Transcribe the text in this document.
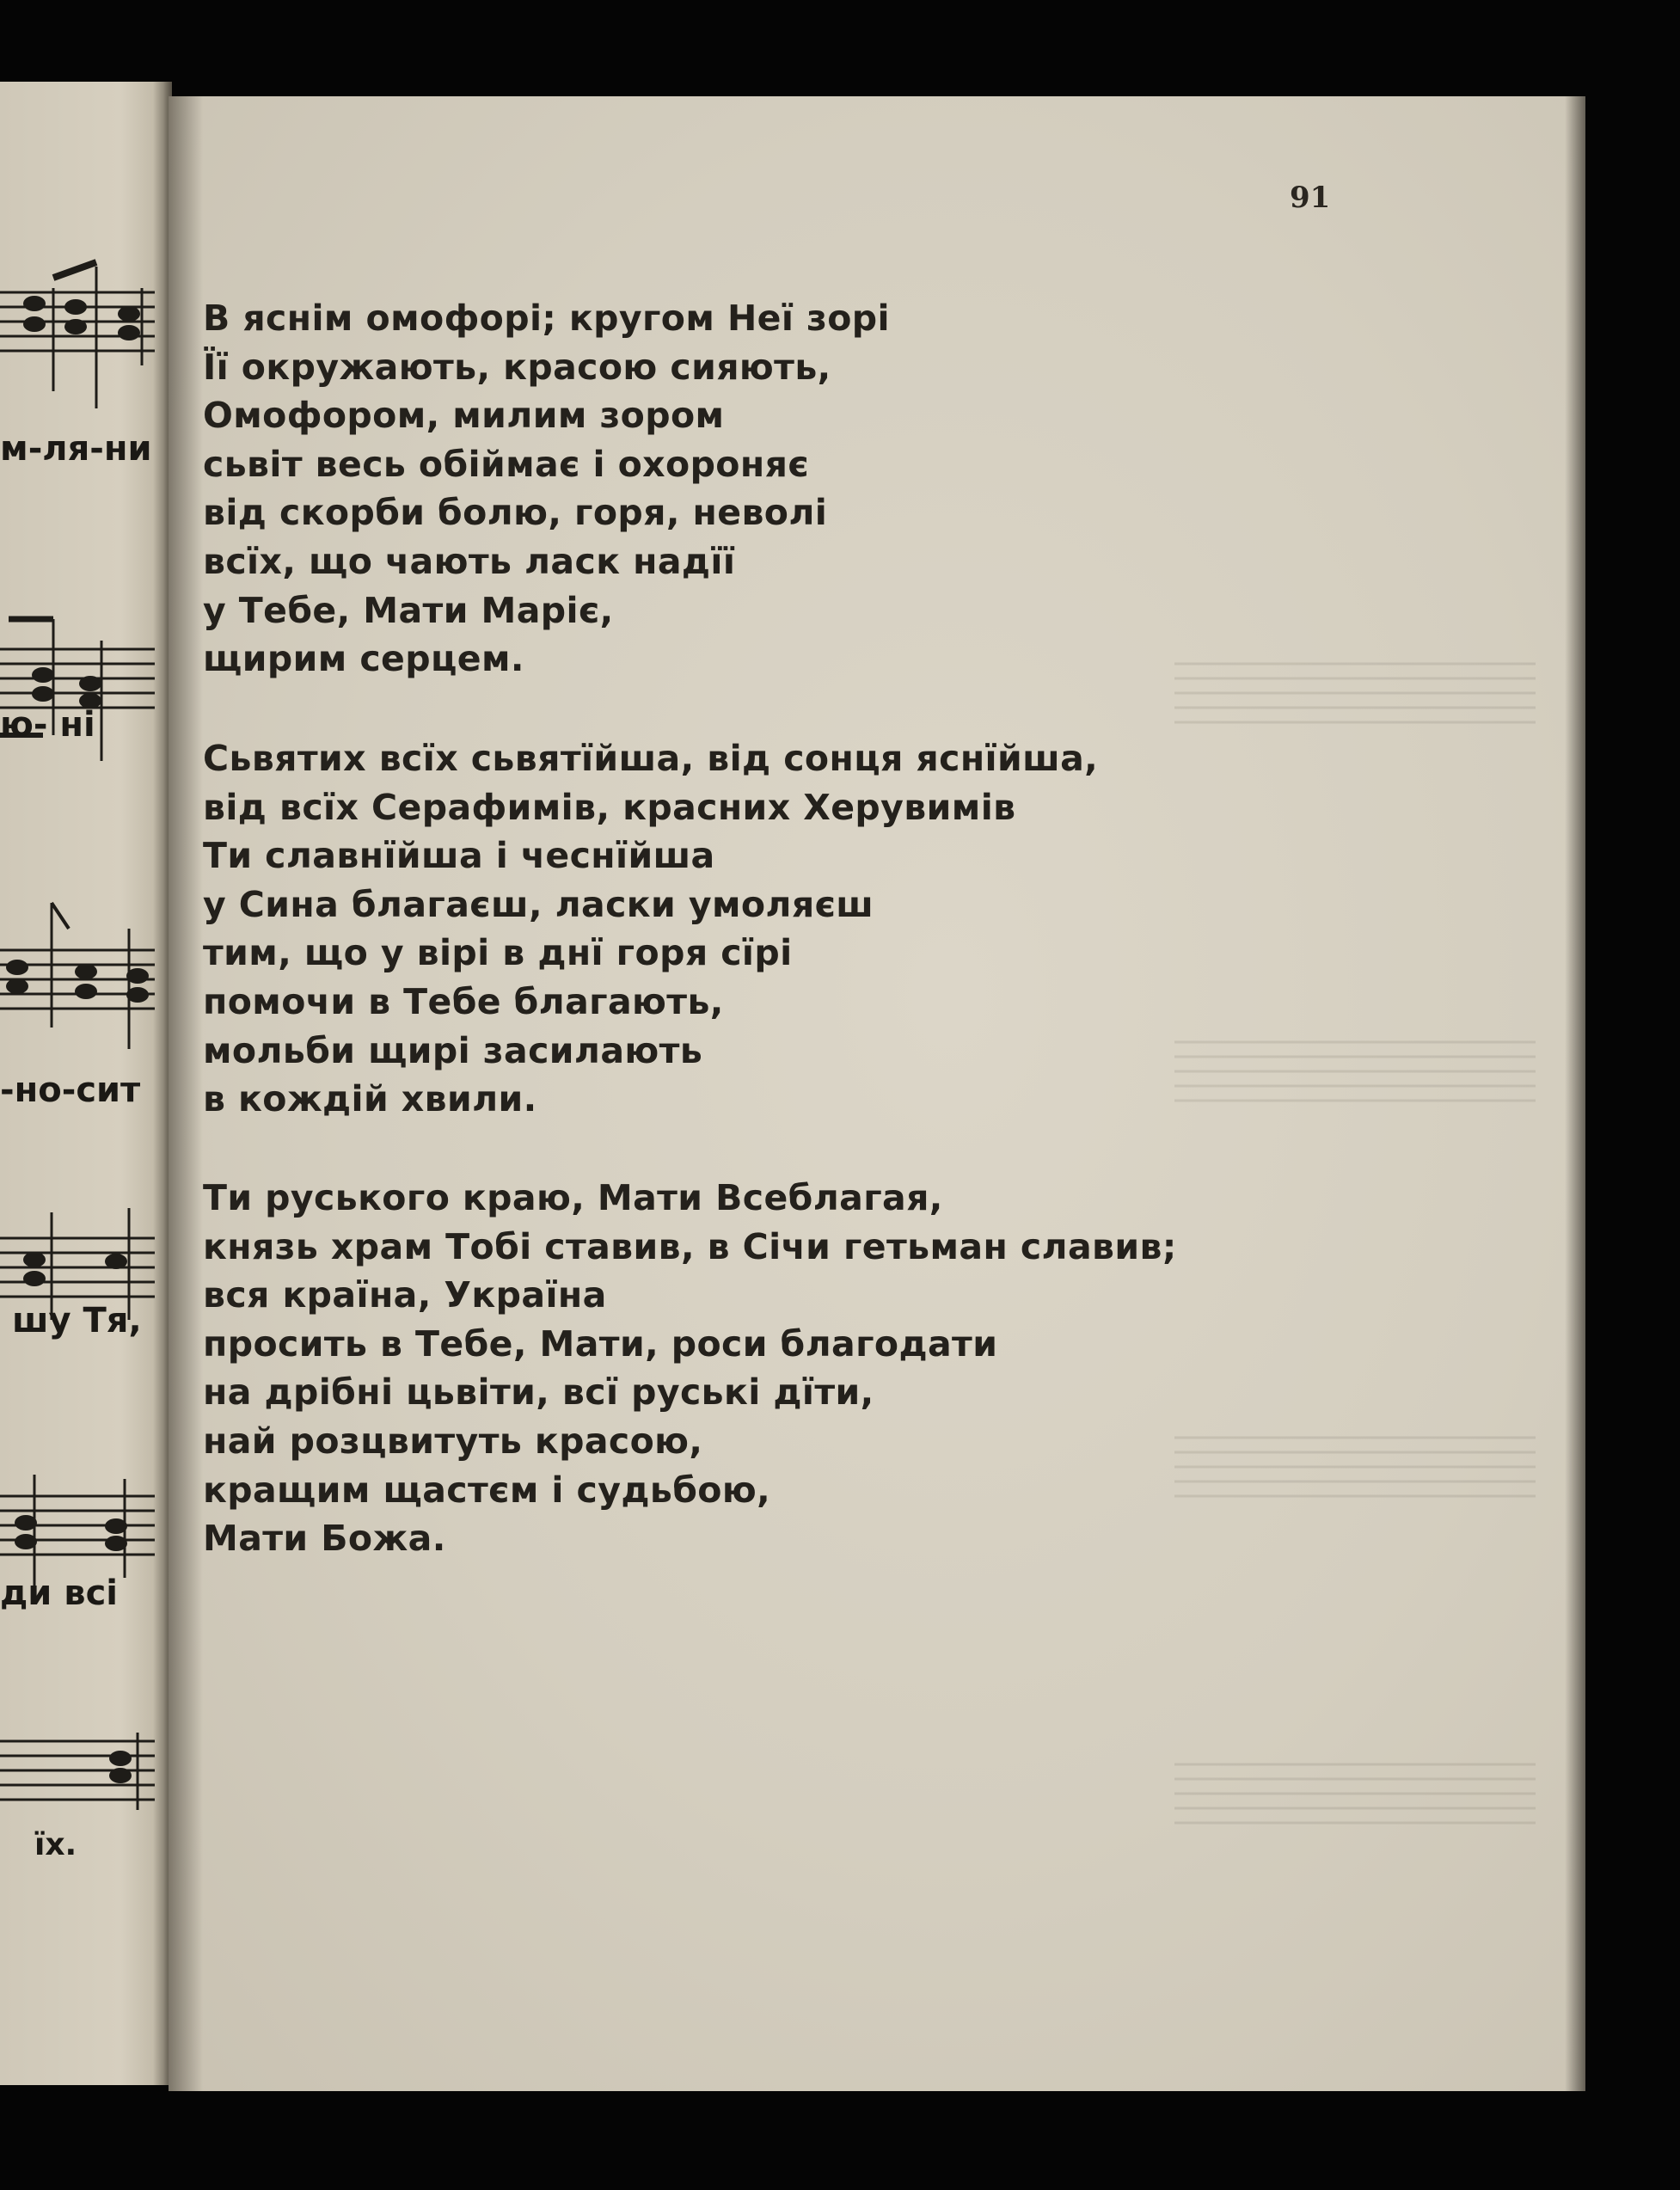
м-ля-ни
ю- ні
-но-сит
шу Тя,
ди всі
їх.
91
В яснім омофорі; кругом Неї зорі
Її окружають, красою сияють,
Омофором, милим зором
сьвіт весь обіймає і охороняє
від скорби болю, горя, неволі
всїх, що чають ласк надїї
у Тебе, Мати Маріє,
щирим серцем.
Сьвятих всїх сьвятїйша, від сонця яснїйша,
від всїх Серафимів, красних Херувимів
Ти славнїйша і чеснїйша
у Сина благаєш, ласки умоляєш
тим, що у вірі в днї горя сїрі
помочи в Тебе благають,
мольби щирі засилають
в кождій хвили.
Ти руського краю, Мати Всеблагая,
князь храм Тобі ставив, в Січи гетьман славив;
вся країна, Україна
просить в Тебе, Мати, роси благодати
на дрібні цьвіти, всї руські дїти,
най розцвитуть красою,
кращим щастєм і судьбою,
Мати Божа.
